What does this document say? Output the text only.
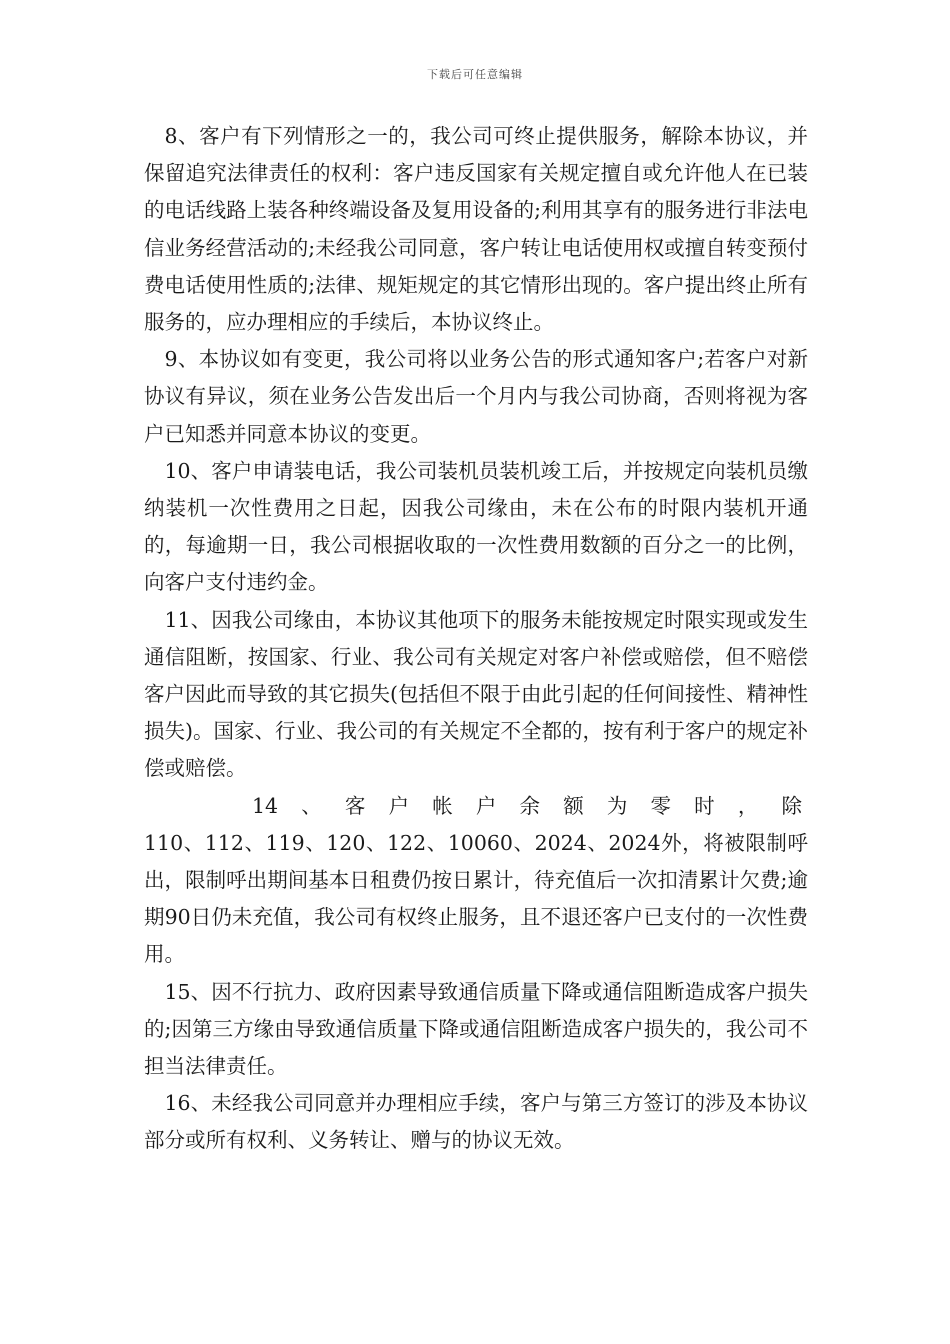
下载后可任意编辑

8、客户有下列情形之一的，我公司可终止提供服务，解除本协议，并保留追究法律责任的权利：客户违反国家有关规定擅自或允许他人在已装的电话线路上装各种终端设备及复用设备的;利用其享有的服务进行非法电信业务经营活动的;未经我公司同意，客户转让电话使用权或擅自转变预付费电话使用性质的;法律、规矩规定的其它情形出现的。客户提出终止所有服务的，应办理相应的手续后，本协议终止。

9、本协议如有变更，我公司将以业务公告的形式通知客户;若客户对新协议有异议，须在业务公告发出后一个月内与我公司协商，否则将视为客户已知悉并同意本协议的变更。

10、客户申请装电话，我公司装机员装机竣工后，并按规定向装机员缴纳装机一次性费用之日起，因我公司缘由，未在公布的时限内装机开通的，每逾期一日，我公司根据收取的一次性费用数额的百分之一的比例，向客户支付违约金。

11、因我公司缘由，本协议其他项下的服务未能按规定时限实现或发生通信阻断，按国家、行业、我公司有关规定对客户补偿或赔偿，但不赔偿客户因此而导致的其它损失(包括但不限于由此引起的任何间接性、精神性损失)。国家、行业、我公司的有关规定不全都的，按有利于客户的规定补偿或赔偿。

14 、 客 户 帐 户 余 额 为 零 时 ， 除
110、112、119、120、122、10060、2024、2024外，将被限制呼出，限制呼出期间基本日租费仍按日累计，待充值后一次扣清累计欠费;逾期90日仍未充值，我公司有权终止服务，且不退还客户已支付的一次性费用。

15、因不行抗力、政府因素导致通信质量下降或通信阻断造成客户损失的;因第三方缘由导致通信质量下降或通信阻断造成客户损失的，我公司不担当法律责任。

16、未经我公司同意并办理相应手续，客户与第三方签订的涉及本协议部分或所有权利、义务转让、赠与的协议无效。
